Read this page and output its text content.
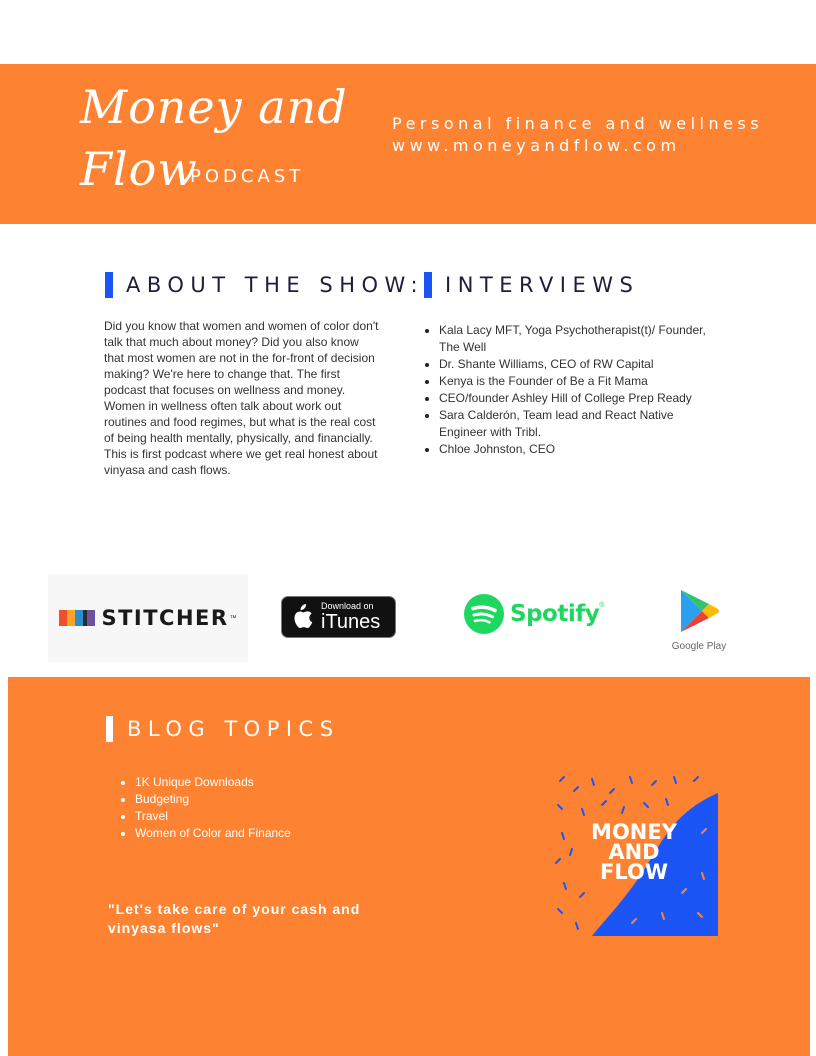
Money and
Flow
PODCAST
Personal finance and wellness
www.moneyandflow.com
ABOUT THE SHOW:

Did you know that women and women of color don't talk that much about money? Did you also know that most women are not in the for-front of decision making? We're here to change that. The first podcast that focuses on wellness and money. Women in wellness often talk about work out routines and food regimes, but what is the real cost of being health mentally, physically, and financially. This is first podcast where we get real honest about vinyasa and cash flows.

INTERVIEWS
Kala Lacy MFT, Yoga Psychotherapist(t)/ Founder, The Well
Dr. Shante Williams, CEO of RW Capital
Kenya is the Founder of Be a Fit Mama
CEO/founder Ashley Hill of College Prep Ready
Sara Calderón, Team lead and React Native Engineer with Tribl.
Chloe Johnston, CEO
STITCHER ™
Download on
iTunes	Spotify ®
Google Play
BLOG TOPICS
1K Unique Downloads
Budgeting
Travel
Women of Color and Finance
"Let's take care of your cash and vinyasa flows"
MONEY
AND
FLOW
